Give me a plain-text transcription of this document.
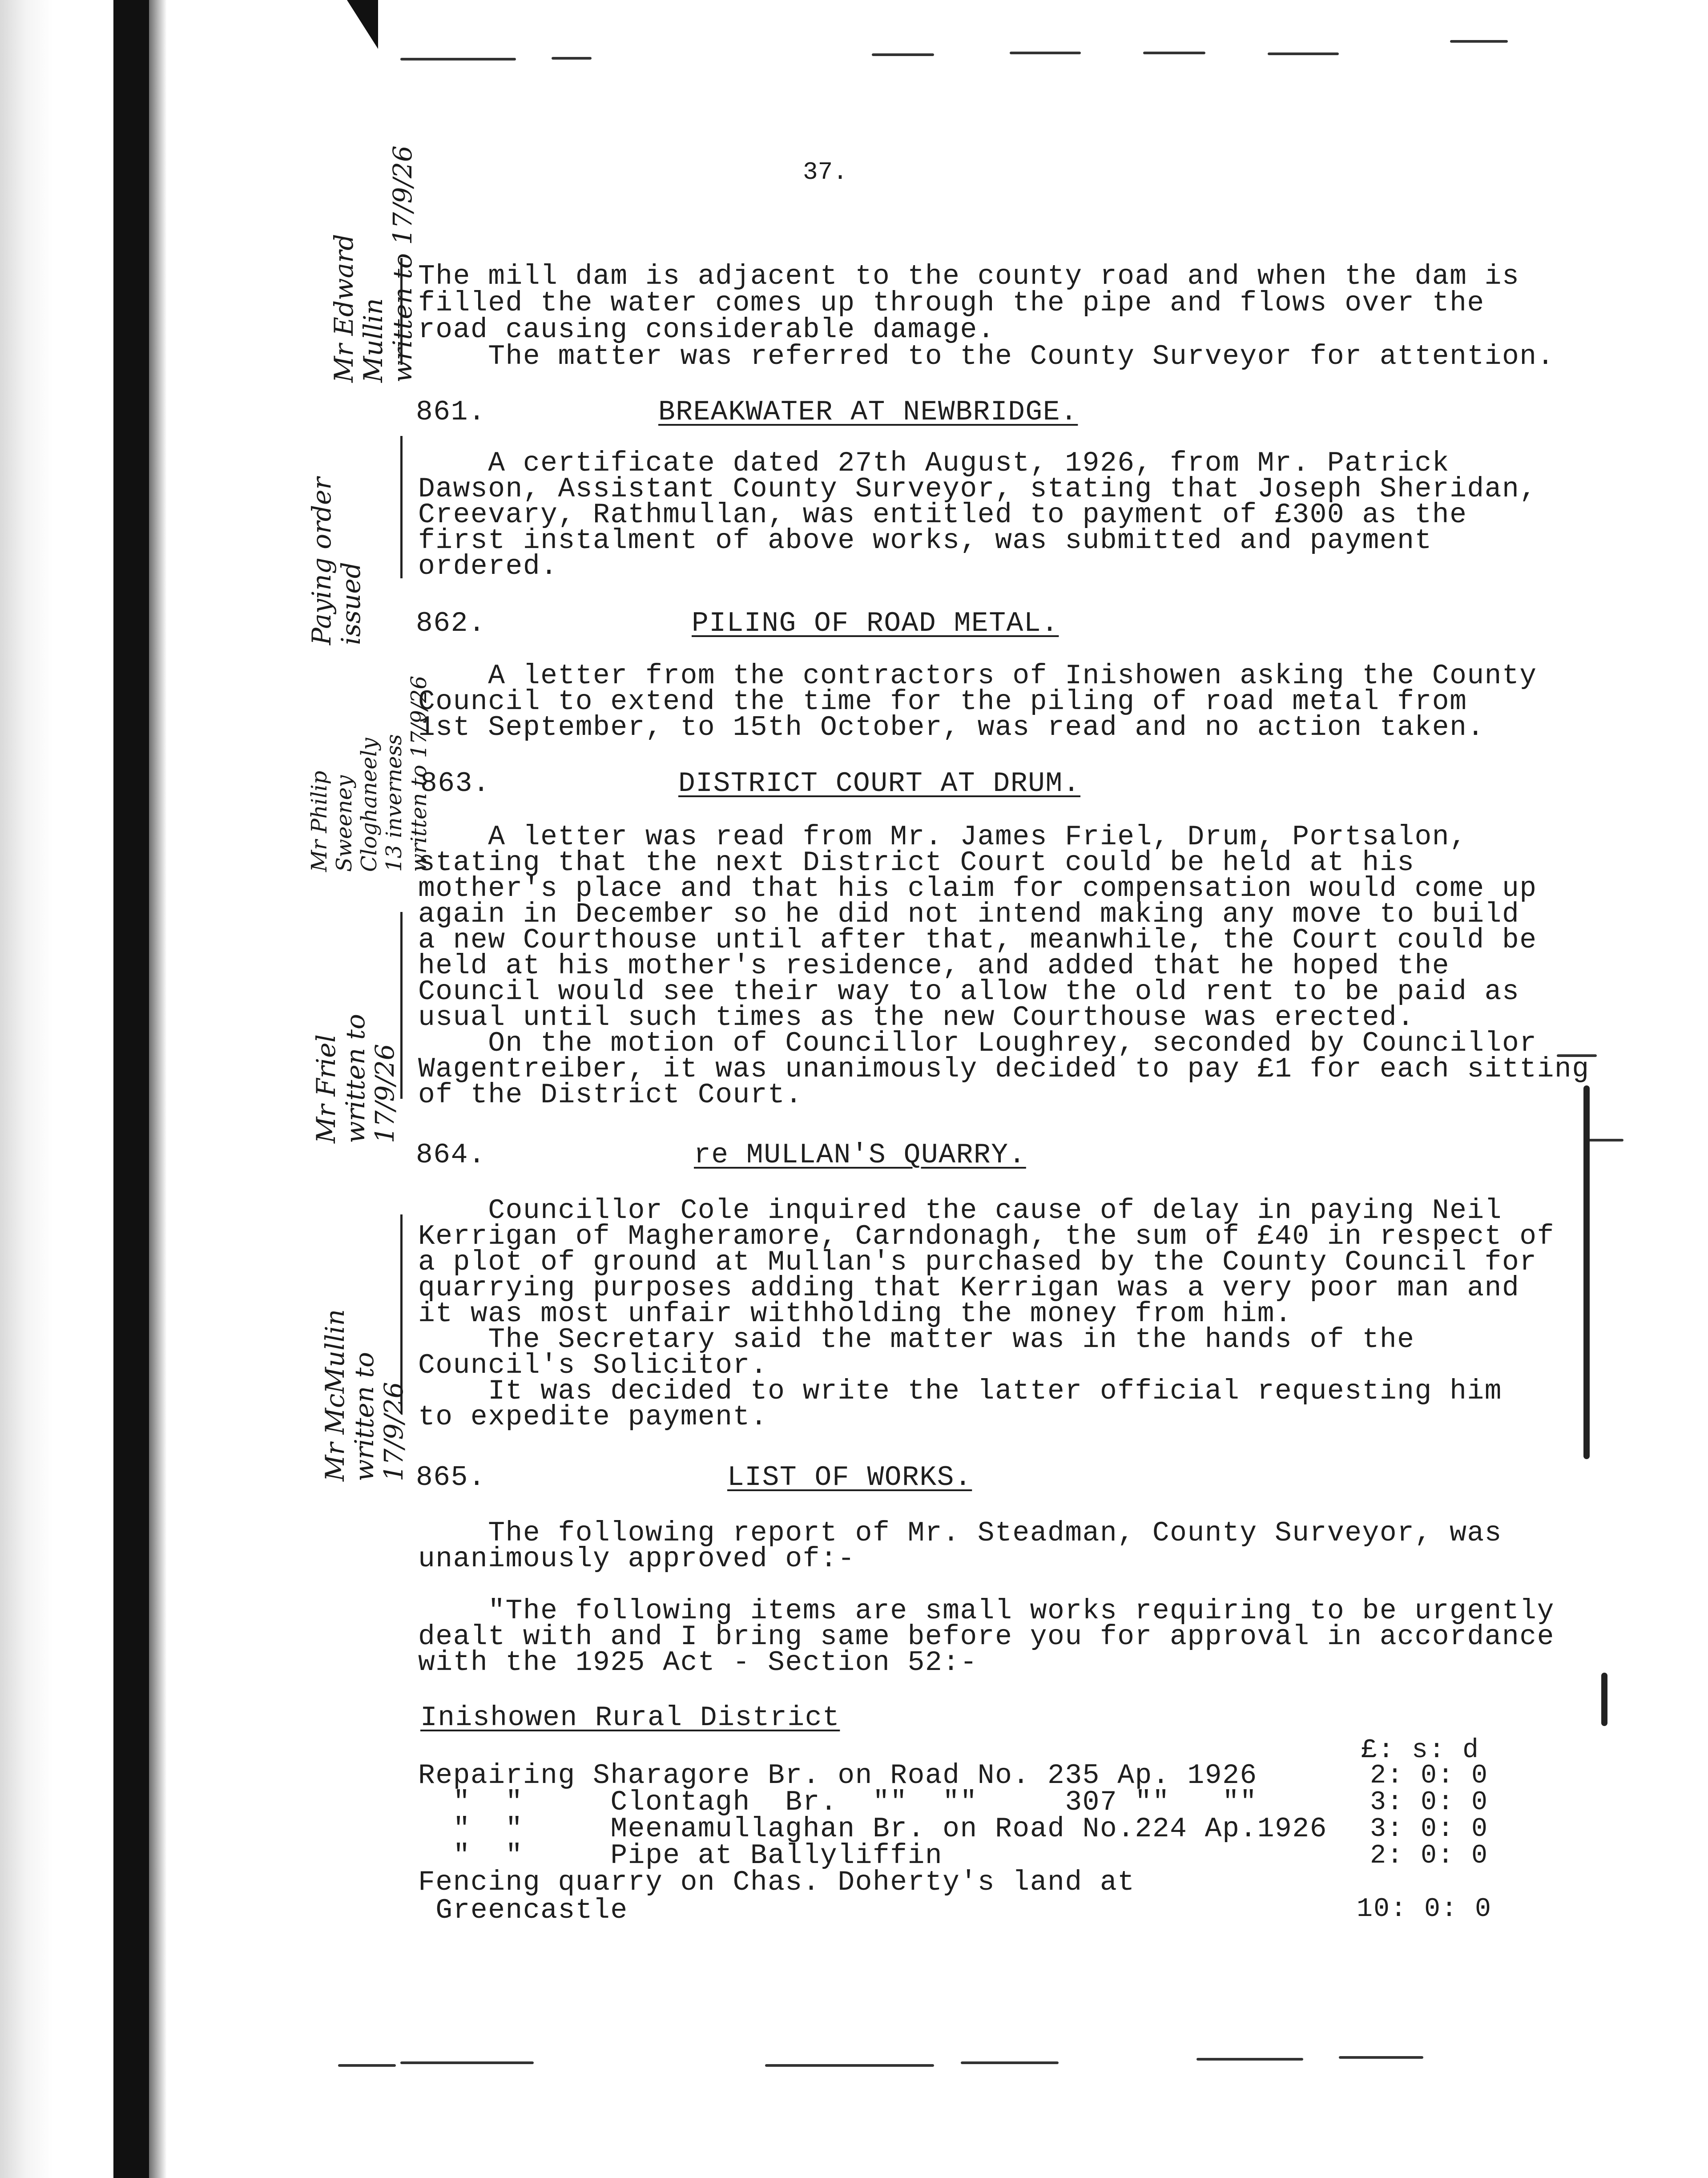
37.
The mill dam is adjacent to the county road and when the dam is
filled the water comes up through the pipe and flows over the
road causing considerable damage.
The matter was referred to the County Surveyor for attention.
861.	BREAKWATER AT NEWBRIDGE.
A certificate dated 27th August, 1926, from Mr. Patrick
Dawson, Assistant County Surveyor, stating that Joseph Sheridan,
Creevary, Rathmullan, was entitled to payment of £300 as the
first instalment of above works, was submitted and payment
ordered.
862.	PILING OF ROAD METAL.
A letter from the contractors of Inishowen asking the County
Council to extend the time for the piling of road metal from
1st September, to 15th October, was read and no action taken.
863.	DISTRICT COURT AT DRUM.
A letter was read from Mr. James Friel, Drum, Portsalon,
stating that the next District Court could be held at his
mother's place and that his claim for compensation would come up
again in December so he did not intend making any move to build
a new Courthouse until after that, meanwhile, the Court could be
held at his mother's residence, and added that he hoped the
Council would see their way to allow the old rent to be paid as
usual until such times as the new Courthouse was erected.
On the motion of Councillor Loughrey, seconded by Councillor
Wagentreiber, it was unanimously decided to pay £1 for each sitting
of the District Court.
864.	re MULLAN'S QUARRY.
Councillor Cole inquired the cause of delay in paying Neil
Kerrigan of Magheramore, Carndonagh, the sum of £40 in respect of
a plot of ground at Mullan's purchased by the County Council for
quarrying purposes adding that Kerrigan was a very poor man and
it was most unfair withholding the money from him.
The Secretary said the matter was in the hands of the
Council's Solicitor.
It was decided to write the latter official requesting him
to expedite payment.
865.	LIST OF WORKS.
The following report of Mr. Steadman, County Surveyor, was
unanimously approved of:-
"The following items are small works requiring to be urgently
dealt with and I bring same before you for approval in accordance
with the 1925 Act - Section 52:-
Inishowen Rural District
£: s: d
Repairing Sharagore Br. on Road No. 235 Ap. 1926	2: 0: 0
"  "     Clontagh  Br.  ""  ""     307 ""   ""	3: 0: 0
"  "     Meenamullaghan Br. on Road No.224 Ap.1926 3: 0: 0
"  "     Pipe at Ballyliffin	2: 0: 0
Fencing quarry on Chas. Doherty's land at
Greencastle	10: 0: 0
Mr Edward
Mullin
written to 17/9/26
Paying order
issued
Mr Philip
Sweeney
Cloghaneely
13 inverness
written to 17/9/26
Mr Friel
written to
17/9/26
Mr McMullin
written to
17/9/26
